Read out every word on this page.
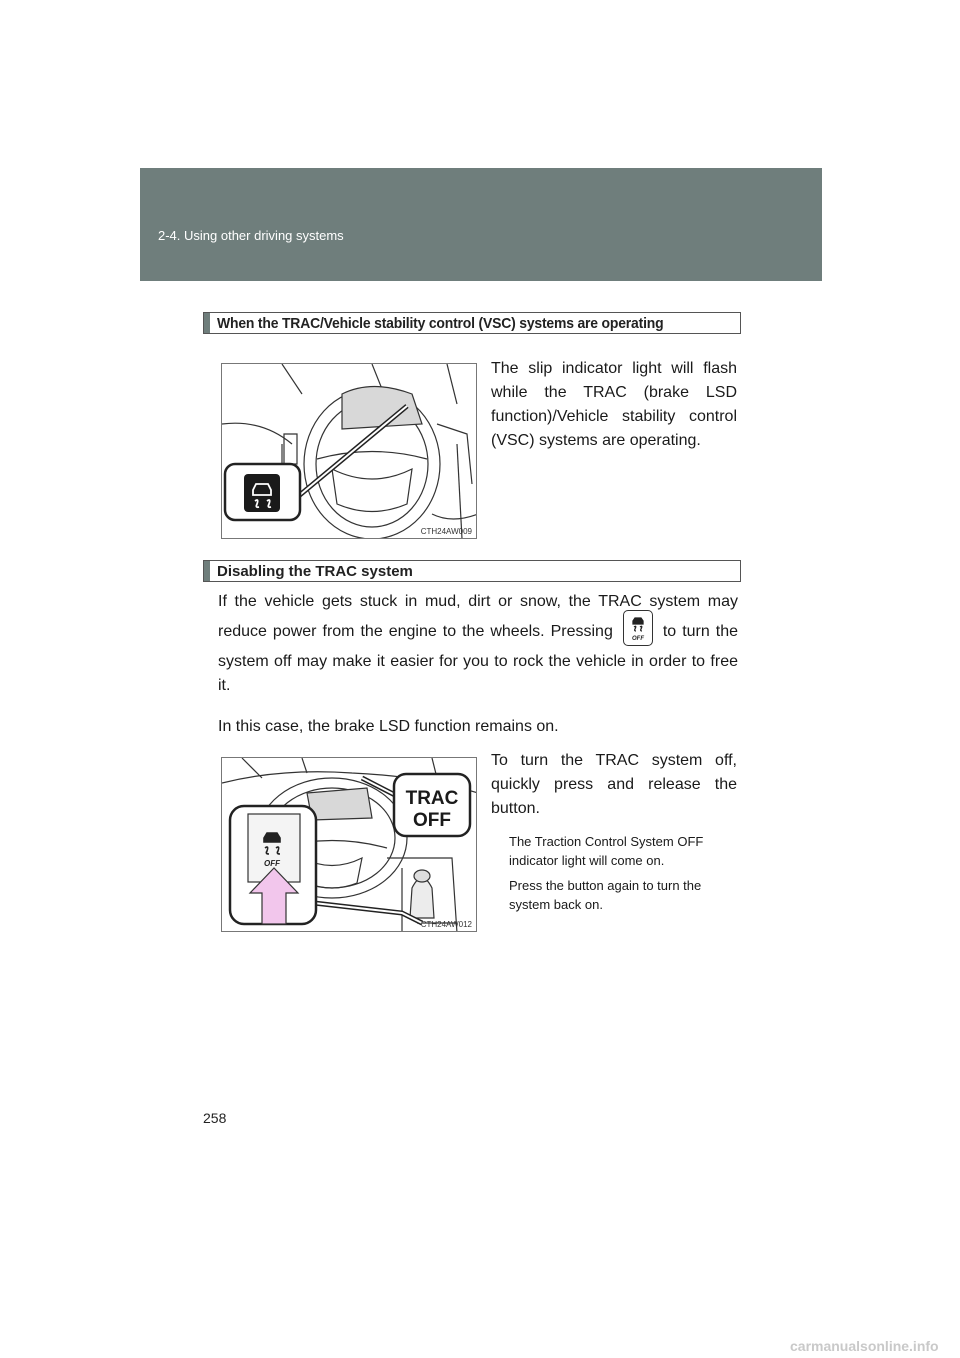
2-4. Using other driving systems
When the TRAC/Vehicle stability control (VSC) systems are operating
CTH24AW009
The slip indicator light will flash while the TRAC (brake LSD function)/Vehicle stability control (VSC) systems are operating.
Disabling the TRAC system
If the vehicle gets stuck in mud, dirt or snow, the TRAC system may reduce power from the engine to the wheels. Pressing	OFF to turn the system off may make it easier for you to rock the vehicle in order to free it.
In this case, the brake LSD function remains on.
TRAC
OFF
OFF
CTH24AW012
To turn the TRAC system off, quickly press and release the button.
The Traction Control System OFF indicator light will come on.
Press the button again to turn the system back on.
258
carmanualsonline.info
